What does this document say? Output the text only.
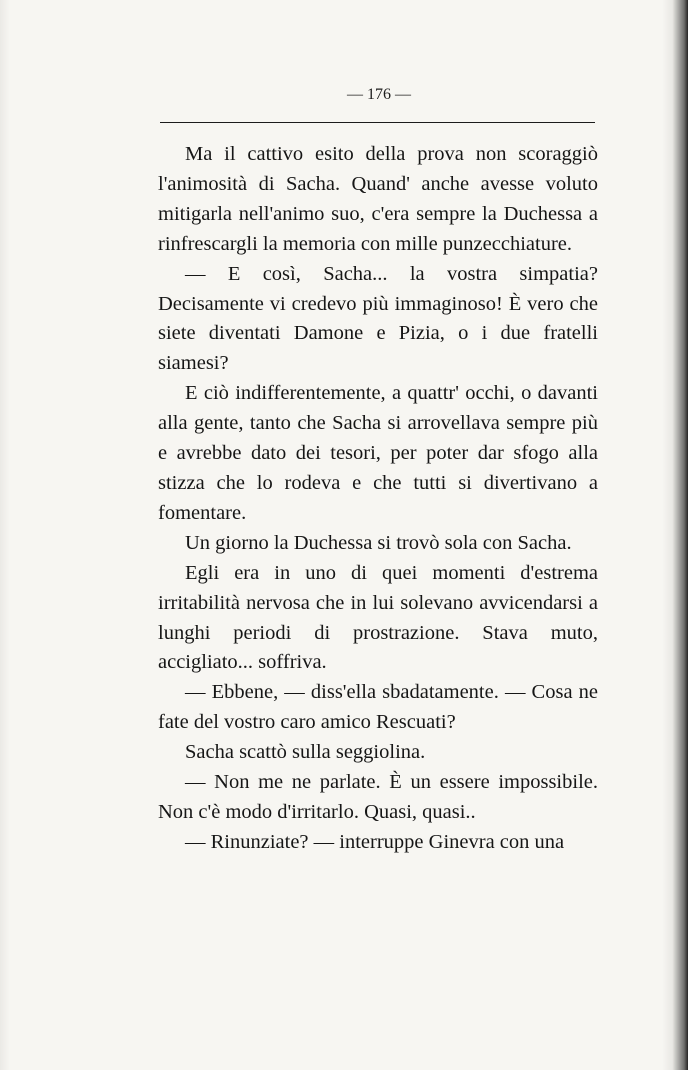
— 176 —

Ma il cattivo esito della prova non scoraggiò l'animosità di Sacha. Quand' anche avesse voluto mitigarla nell'animo suo, c'era sempre la Duchessa a rinfrescargli la memoria con mille punzecchiature.

— E così, Sacha... la vostra simpatia? Decisamente vi credevo più immaginoso! È vero che siete diventati Damone e Pizia, o i due fratelli siamesi?

E ciò indifferentemente, a quattr' occhi, o davanti alla gente, tanto che Sacha si arrovellava sempre più e avrebbe dato dei tesori, per poter dar sfogo alla stizza che lo rodeva e che tutti si divertivano a fomentare.

Un giorno la Duchessa si trovò sola con Sacha.

Egli era in uno di quei momenti d'estrema irritabilità nervosa che in lui solevano avvicendarsi a lunghi periodi di prostrazione. Stava muto, accigliato... soffriva.

— Ebbene, — diss'ella sbadatamente. — Cosa ne fate del vostro caro amico Rescuati?

Sacha scattò sulla seggiolina.

— Non me ne parlate. È un essere impossibile. Non c'è modo d'irritarlo. Quasi, quasi..

— Rinunziate? — interruppe Ginevra con una
